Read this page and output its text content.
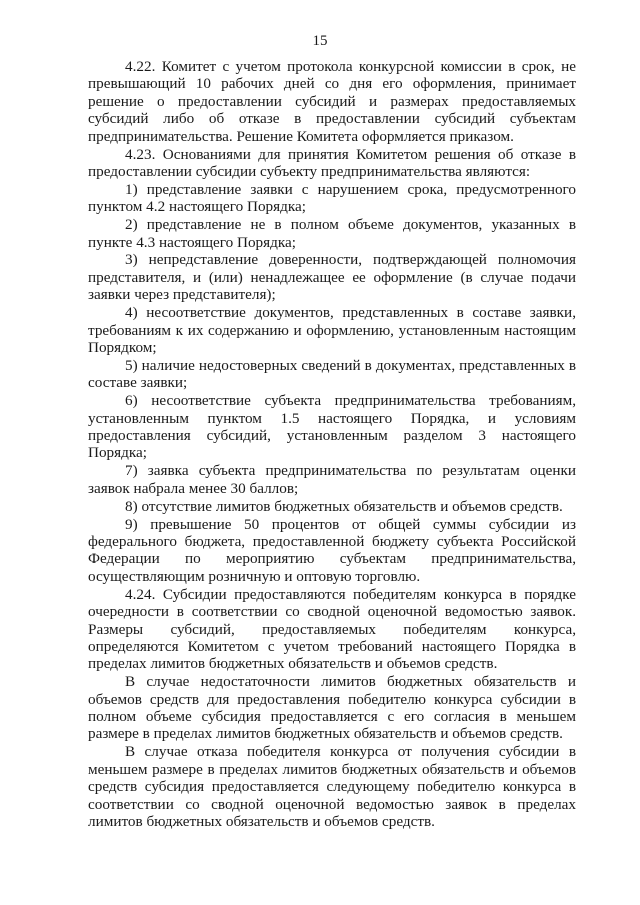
15

4.22. Комитет с учетом протокола конкурсной комиссии в срок, не превышающий 10 рабочих дней со дня его оформления, принимает решение о предоставлении субсидий и размерах предоставляемых субсидий либо об отказе в предоставлении субсидий субъектам предпринимательства. Решение Комитета оформляется приказом.

4.23. Основаниями для принятия Комитетом решения об отказе в предоставлении субсидии субъекту предпринимательства являются:

1) представление заявки с нарушением срока, предусмотренного пунктом 4.2 настоящего Порядка;

2) представление не в полном объеме документов, указанных в пункте 4.3 настоящего Порядка;

3) непредставление доверенности, подтверждающей полномочия представителя, и (или) ненадлежащее ее оформление (в случае подачи заявки через представителя);

4) несоответствие документов, представленных в составе заявки, требованиям к их содержанию и оформлению, установленным настоящим Порядком;

5) наличие недостоверных сведений в документах, представленных в составе заявки;

6) несоответствие субъекта предпринимательства требованиям, установленным пунктом 1.5 настоящего Порядка, и условиям предоставления субсидий, установленным разделом 3 настоящего Порядка;

7) заявка субъекта предпринимательства по результатам оценки заявок набрала менее 30 баллов;

8) отсутствие лимитов бюджетных обязательств и объемов средств.

9) превышение 50 процентов от общей суммы субсидии из федерального бюджета, предоставленной бюджету субъекта Российской Федерации по мероприятию субъектам предпринимательства, осуществляющим розничную и оптовую торговлю.

4.24. Субсидии предоставляются победителям конкурса в порядке очередности в соответствии со сводной оценочной ведомостью заявок. Размеры субсидий, предоставляемых победителям конкурса, определяются Комитетом с учетом требований настоящего Порядка в пределах лимитов бюджетных обязательств и объемов средств.

В случае недостаточности лимитов бюджетных обязательств и объемов средств для предоставления победителю конкурса субсидии в полном объеме субсидия предоставляется с его согласия в меньшем размере в пределах лимитов бюджетных обязательств и объемов средств.

В случае отказа победителя конкурса от получения субсидии в меньшем размере в пределах лимитов бюджетных обязательств и объемов средств субсидия предоставляется следующему победителю конкурса в соответствии со сводной оценочной ведомостью заявок в пределах лимитов бюджетных обязательств и объемов средств.
